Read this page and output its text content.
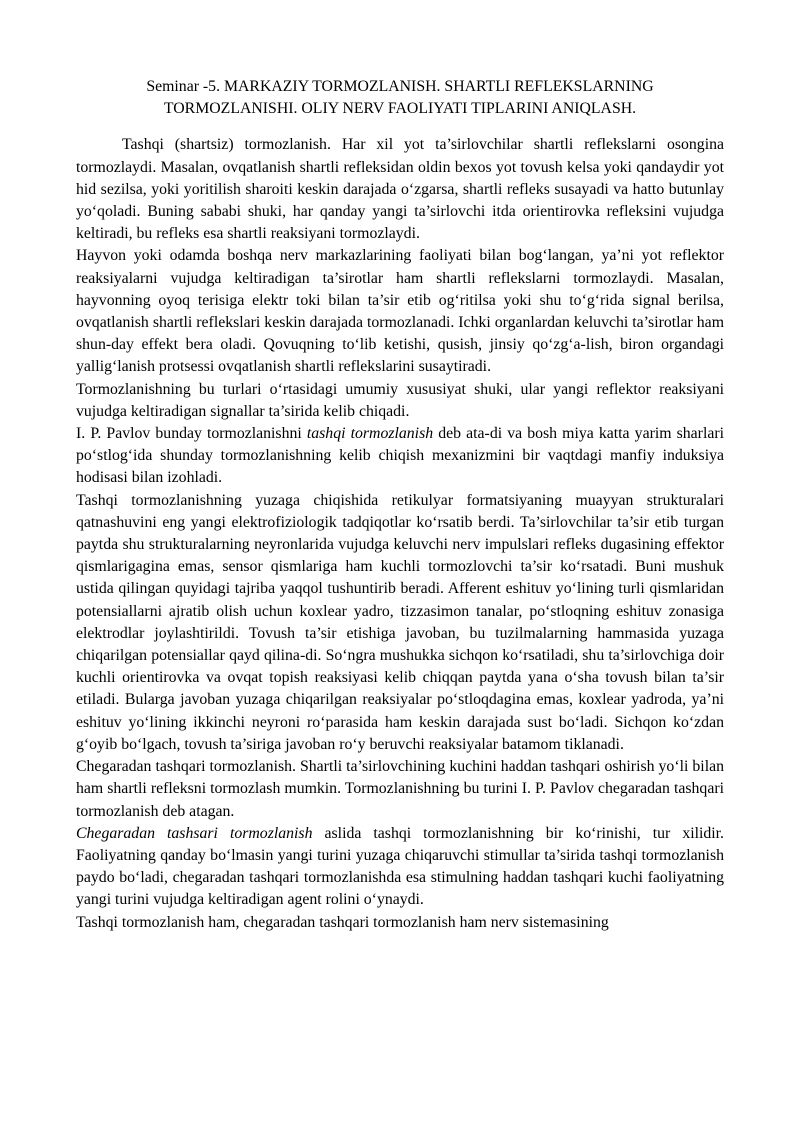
Seminar -5. MARKAZIY TORMOZLANISH. SHARTLI REFLEKSLARNING
TORMOZLANISHI. OLIY NERV FAOLIYATI TIPLARINI ANIQLASH.

Tashqi (shartsiz) tormozlanish. Har xil yot ta’sirlovchilar shartli reflekslarni osongina tormozlaydi. Masalan, ovqatlanish shartli refleksidan oldin bexos yot tovush kelsa yoki qandaydir yot hid sezilsa, yoki yoritilish sharoiti keskin darajada o‘zgarsa, shartli refleks susayadi va hatto butunlay yo‘qoladi. Buning sababi shuki, har qanday yangi ta’sirlovchi itda orientirovka refleksini vujudga keltiradi, bu refleks esa shartli reaksiyani tormozlaydi.

Hayvon yoki odamda boshqa nerv markazlarining faoliyati bilan bog‘langan, ya’ni yot reflektor reaksiyalarni vujudga keltiradigan ta’sirotlar ham shartli reflekslarni tormozlaydi. Masalan, hayvonning oyoq terisiga elektr toki bilan ta’sir etib og‘ritilsa yoki shu to‘g‘rida signal berilsa, ovqatlanish shartli reflekslari keskin darajada tormozlanadi. Ichki organlardan keluvchi ta’sirotlar ham shun-day effekt bera oladi. Qovuqning to‘lib ketishi, qusish, jinsiy qo‘zg‘a-lish, biron organdagi yallig‘lanish protsessi ovqatlanish shartli reflekslarini susaytiradi.

Tormozlanishning bu turlari o‘rtasidagi umumiy xususiyat shuki, ular yangi reflektor reaksiyani vujudga keltiradigan signallar ta’sirida kelib chiqadi.

I. P. Pavlov bunday tormozlanishni tashqi tormozlanish deb ata-di va bosh miya katta yarim sharlari po‘stlog‘ida shunday tormozlanishning kelib chiqish mexanizmini bir vaqtdagi manfiy induksiya hodisasi bilan izohladi.

Tashqi tormozlanishning yuzaga chiqishida retikulyar formatsiyaning muayyan strukturalari qatnashuvini eng yangi elektrofiziologik tadqiqotlar ko‘rsatib berdi. Ta’sirlovchilar ta’sir etib turgan paytda shu strukturalarning neyronlarida vujudga keluvchi nerv impulslari refleks dugasining effektor qismlarigagina emas, sensor qismlariga ham kuchli tormozlovchi ta’sir ko‘rsatadi. Buni mushuk ustida qilingan quyidagi tajriba yaqqol tushuntirib beradi. Afferent eshituv yo‘lining turli qismlaridan potensiallarni ajratib olish uchun koxlear yadro, tizzasimon tanalar, po‘stloqning eshituv zonasiga elektrodlar joylashtirildi. Tovush ta’sir etishiga javoban, bu tuzilmalarning hammasida yuzaga chiqarilgan potensiallar qayd qilina-di. So‘ngra mushukka sichqon ko‘rsatiladi, shu ta’sirlovchiga doir kuchli orientirovka va ovqat topish reaksiyasi kelib chiqqan paytda yana o‘sha tovush bilan ta’sir etiladi. Bularga javoban yuzaga chiqarilgan reaksiyalar po‘stloqdagina emas, koxlear yadroda, ya’ni eshituv yo‘lining ikkinchi neyroni ro‘parasida ham keskin darajada sust bo‘ladi. Sichqon ko‘zdan g‘oyib bo‘lgach, tovush ta’siriga javoban ro‘y beruvchi reaksiyalar batamom tiklanadi.

Chegaradan tashqari tormozlanish. Shartli ta’sirlovchining kuchini haddan tashqari oshirish yo‘li bilan ham shartli refleksni tormozlash mumkin. Tormozlanishning bu turini I. P. Pavlov chegaradan tashqari tormozlanish deb atagan.

Chegaradan tashsari tormozlanish aslida tashqi tormozlanishning bir ko‘rinishi, tur xilidir. Faoliyatning qanday bo‘lmasin yangi turini yuzaga chiqaruvchi stimullar ta’sirida tashqi tormozlanish paydo bo‘ladi, chegaradan tashqari tormozlanishda esa stimulning haddan tashqari kuchi faoliyatning yangi turini vujudga keltiradigan agent rolini o‘ynaydi.

Tashqi tormozlanish ham, chegaradan tashqari tormozlanish ham nerv sistemasining
